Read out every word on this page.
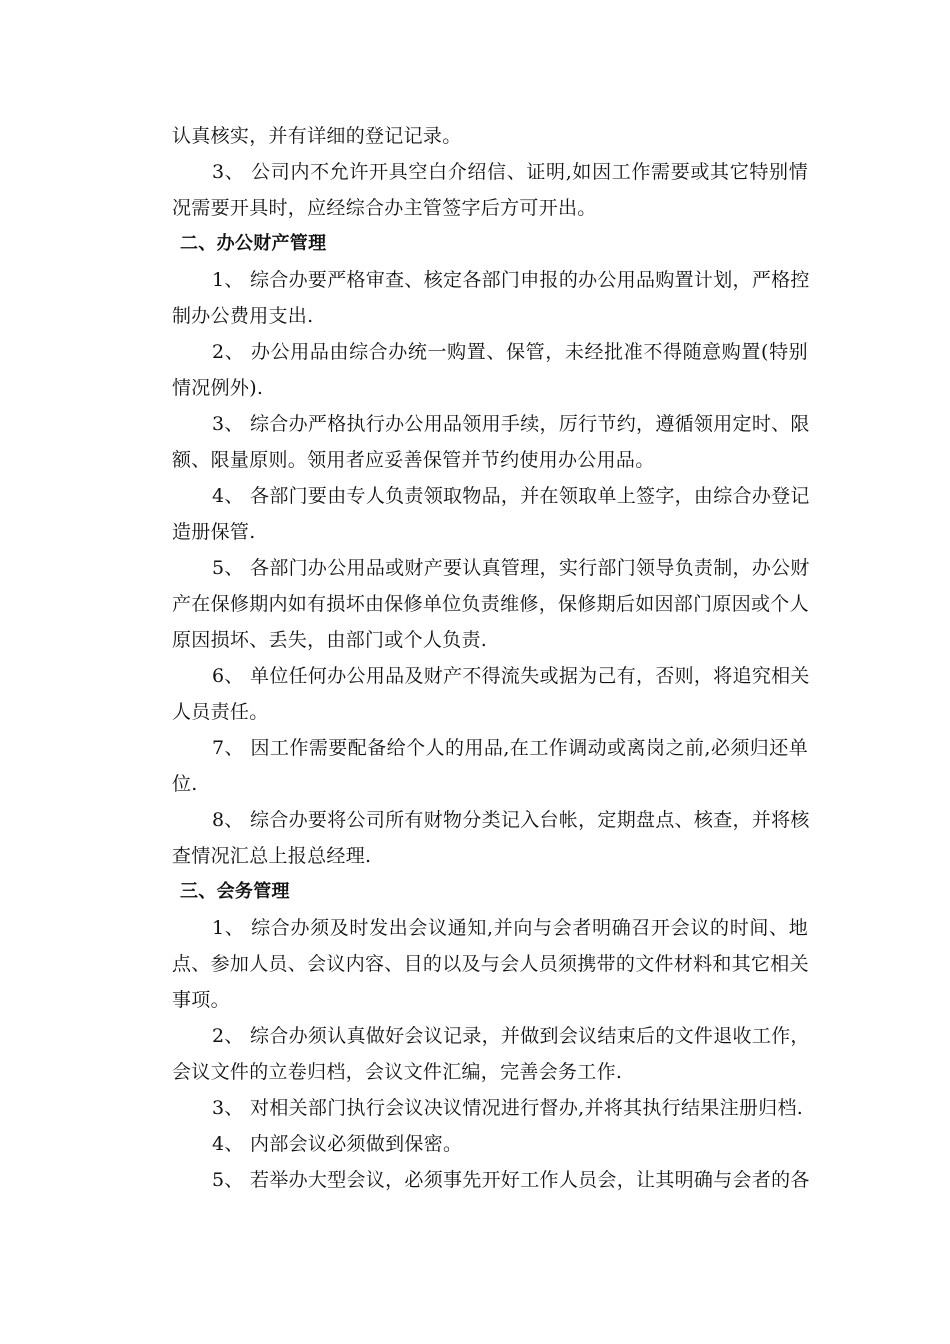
认真核实，并有详细的登记记录。
3、 公司内不允许开具空白介绍信、证明,如因工作需要或其它特别情
况需要开具时，应经综合办主管签字后方可开出。
二、办公财产管理
1、 综合办要严格审查、核定各部门申报的办公用品购置计划，严格控
制办公费用支出.
2、 办公用品由综合办统一购置、保管，未经批准不得随意购置(特别
情况例外).
3、 综合办严格执行办公用品领用手续，厉行节约，遵循领用定时、限
额、限量原则。领用者应妥善保管并节约使用办公用品。
4、 各部门要由专人负责领取物品，并在领取单上签字，由综合办登记
造册保管.
5、 各部门办公用品或财产要认真管理，实行部门领导负责制，办公财
产在保修期内如有损坏由保修单位负责维修，保修期后如因部门原因或个人
原因损坏、丢失，由部门或个人负责.
6、 单位任何办公用品及财产不得流失或据为己有，否则，将追究相关
人员责任。
7、 因工作需要配备给个人的用品,在工作调动或离岗之前,必须归还单
位.
8、 综合办要将公司所有财物分类记入台帐，定期盘点、核查，并将核
查情况汇总上报总经理.
三、会务管理
1、 综合办须及时发出会议通知,并向与会者明确召开会议的时间、地
点、参加人员、会议内容、目的以及与会人员须携带的文件材料和其它相关
事项。
2、 综合办须认真做好会议记录，并做到会议结束后的文件退收工作，
会议文件的立卷归档，会议文件汇编，完善会务工作.
3、 对相关部门执行会议决议情况进行督办,并将其执行结果注册归档.
4、 内部会议必须做到保密。
5、 若举办大型会议，必须事先开好工作人员会，让其明确与会者的各
